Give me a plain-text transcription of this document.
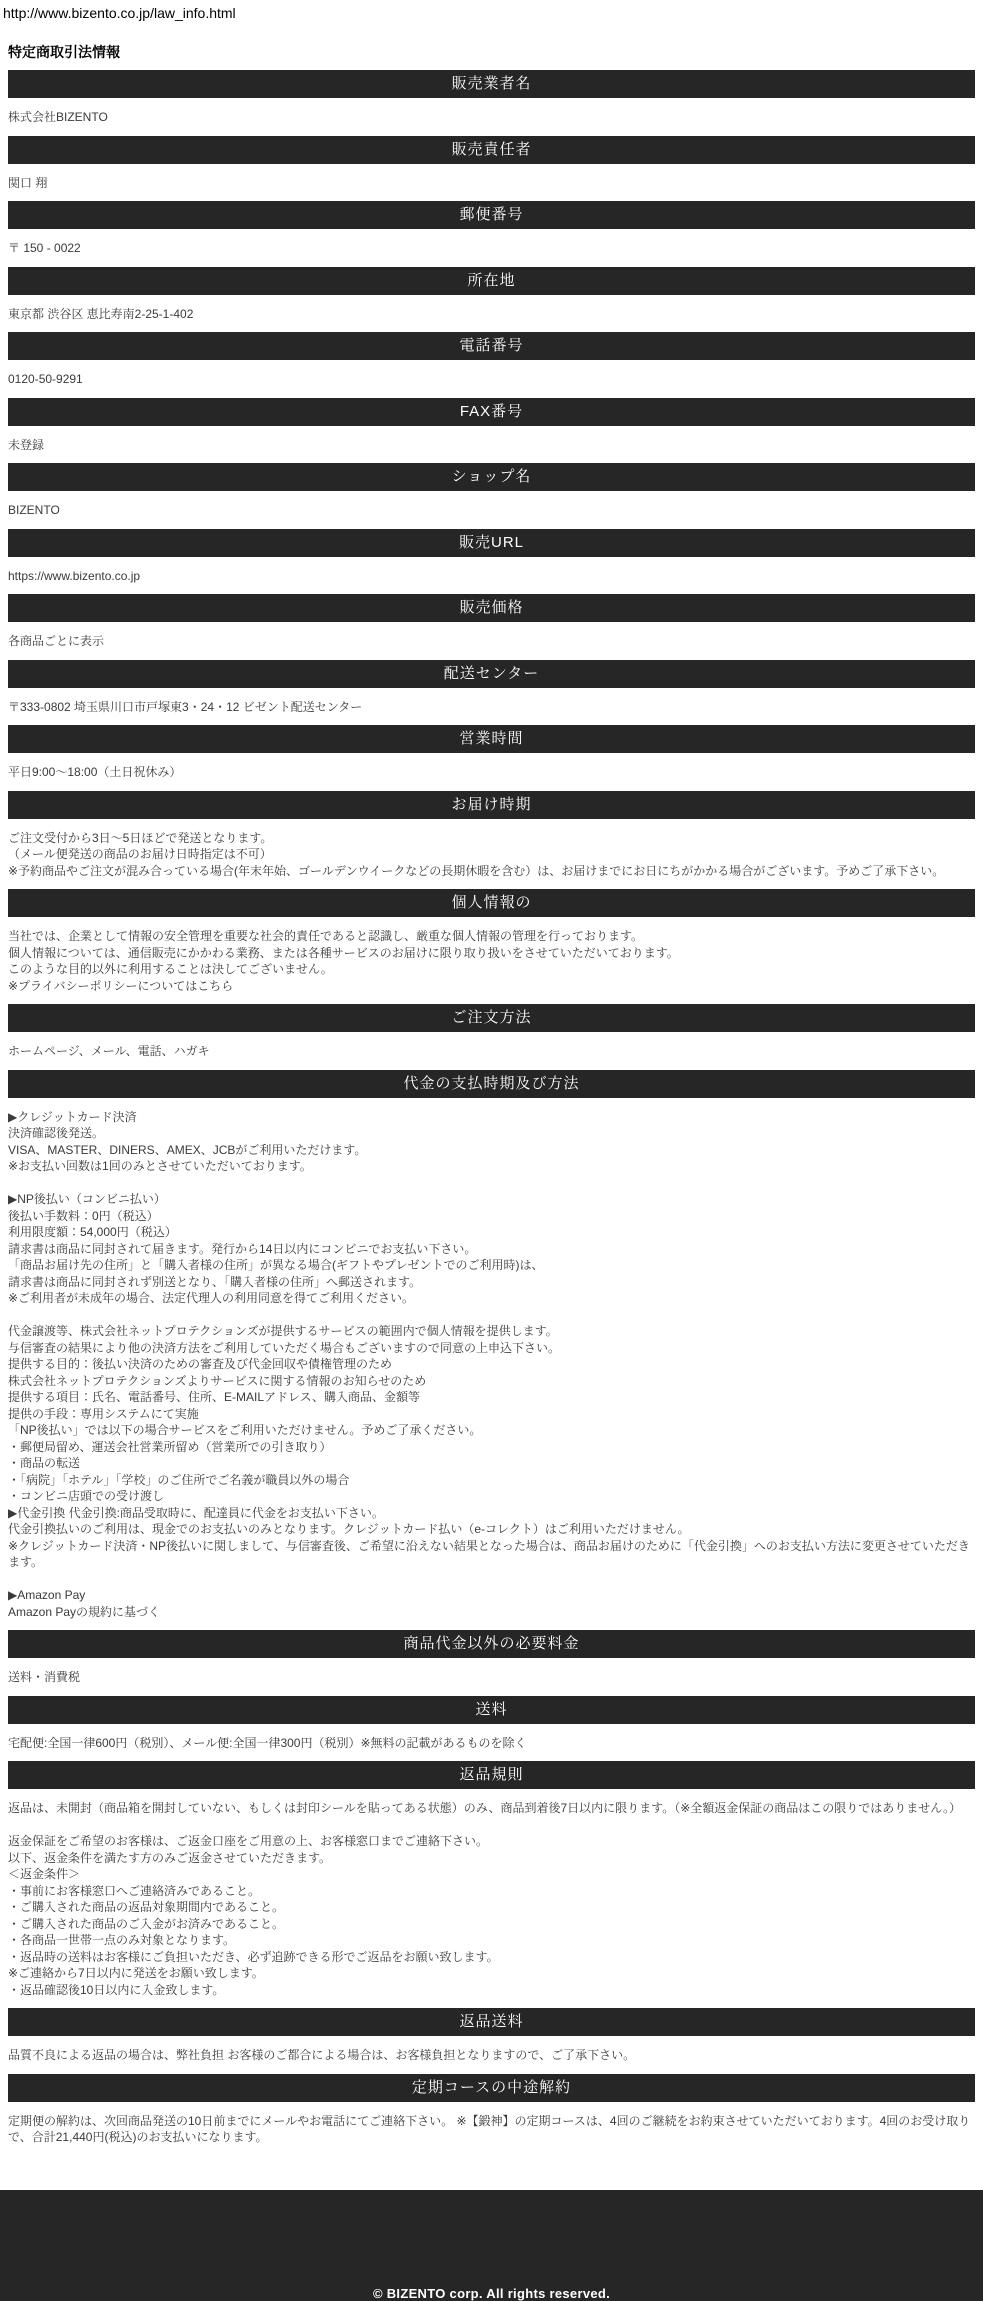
http://www.bizento.co.jp/law_info.html
特定商取引法情報
販売業者名
株式会社BIZENTO
販売責任者
関口 翔
郵便番号
〒 150 - 0022
所在地
東京都 渋谷区 恵比寿南2-25-1-402
電話番号
0120-50-9291
FAX番号
未登録
ショップ名
BIZENTO
販売URL
https://www.bizento.co.jp
販売価格
各商品ごとに表示
配送センター
〒333-0802 埼玉県川口市戸塚東3・24・12 ビゼント配送センター
営業時間
平日9:00〜18:00（土日祝休み）
お届け時期
ご注文受付から3日〜5日ほどで発送となります。
（メール便発送の商品のお届け日時指定は不可）
※予約商品やご注文が混み合っている場合(年末年始、ゴールデンウイークなどの長期休暇を含む）は、お届けまでにお日にちがかかる場合がございます。予めご了承下さい。
個人情報の
当社では、企業として情報の安全管理を重要な社会的責任であると認識し、厳重な個人情報の管理を行っております。
個人情報については、通信販売にかかわる業務、または各種サービスのお届けに限り取り扱いをさせていただいております。
このような目的以外に利用することは決してございません。
※プライバシーポリシーについてはこちら
ご注文方法
ホームページ、メール、電話、ハガキ
代金の支払時期及び方法
▶クレジットカード決済
決済確認後発送。
VISA、MASTER、DINERS、AMEX、JCBがご利用いただけます。
※お支払い回数は1回のみとさせていただいております。
▶NP後払い（コンビニ払い）
後払い手数料：0円（税込）
利用限度額：54,000円（税込）
請求書は商品に同封されて届きます。発行から14日以内にコンビニでお支払い下さい。
「商品お届け先の住所」と「購入者様の住所」が異なる場合(ギフトやプレゼントでのご利用時)は、
請求書は商品に同封されず別送となり、「購入者様の住所」へ郵送されます。
※ご利用者が未成年の場合、法定代理人の利用同意を得てご利用ください。
代金譲渡等、株式会社ネットプロテクションズが提供するサービスの範囲内で個人情報を提供します。
与信審査の結果により他の決済方法をご利用していただく場合もございますので同意の上申込下さい。
提供する目的：後払い決済のための審査及び代金回収や債権管理のため
株式会社ネットプロテクションズよりサービスに関する情報のお知らせのため
提供する項目：氏名、電話番号、住所、E-MAILアドレス、購入商品、金額等
提供の手段：専用システムにて実施
「NP後払い」では以下の場合サービスをご利用いただけません。予めご了承ください。
・郵便局留め、運送会社営業所留め（営業所での引き取り）
・商品の転送
・「病院」「ホテル」「学校」のご住所でご名義が職員以外の場合
・コンビニ店頭での受け渡し
▶代金引換 代金引換:商品受取時に、配達員に代金をお支払い下さい。
代金引換払いのご利用は、現金でのお支払いのみとなります。クレジットカード払い（e-コレクト）はご利用いただけません。
※クレジットカード決済・NP後払いに関しまして、与信審査後、ご希望に沿えない結果となった場合は、商品お届けのために「代金引換」へのお支払い方法に変更させていただきます。
▶Amazon Pay
Amazon Payの規約に基づく
商品代金以外の必要料金
送料・消費税
送料
宅配便:全国一律600円（税別）、メール便:全国一律300円（税別）※無料の記載があるものを除く
返品規則
返品は、未開封（商品箱を開封していない、もしくは封印シールを貼ってある状態）のみ、商品到着後7日以内に限ります。（※全額返金保証の商品はこの限りではありません。）
返金保証をご希望のお客様は、ご返金口座をご用意の上、お客様窓口までご連絡下さい。
以下、返金条件を満たす方のみご返金させていただきます。
＜返金条件＞
・事前にお客様窓口へご連絡済みであること。
・ご購入された商品の返品対象期間内であること。
・ご購入された商品のご入金がお済みであること。
・各商品一世帯一点のみ対象となります。
・返品時の送料はお客様にご負担いただき、必ず追跡できる形でご返品をお願い致します。
※ご連絡から7日以内に発送をお願い致します。
・返品確認後10日以内に入金致します。
返品送料
品質不良による返品の場合は、弊社負担 お客様のご都合による場合は、お客様負担となりますので、ご了承下さい。
定期コースの中途解約
定期便の解約は、次回商品発送の10日前までにメールやお電話にてご連絡下さい。 ※【鍛神】の定期コースは、4回のご継続をお約束させていただいております。4回のお受け取りで、合計21,440円(税込)のお支払いになります。
© BIZENTO corp. All rights reserved.
